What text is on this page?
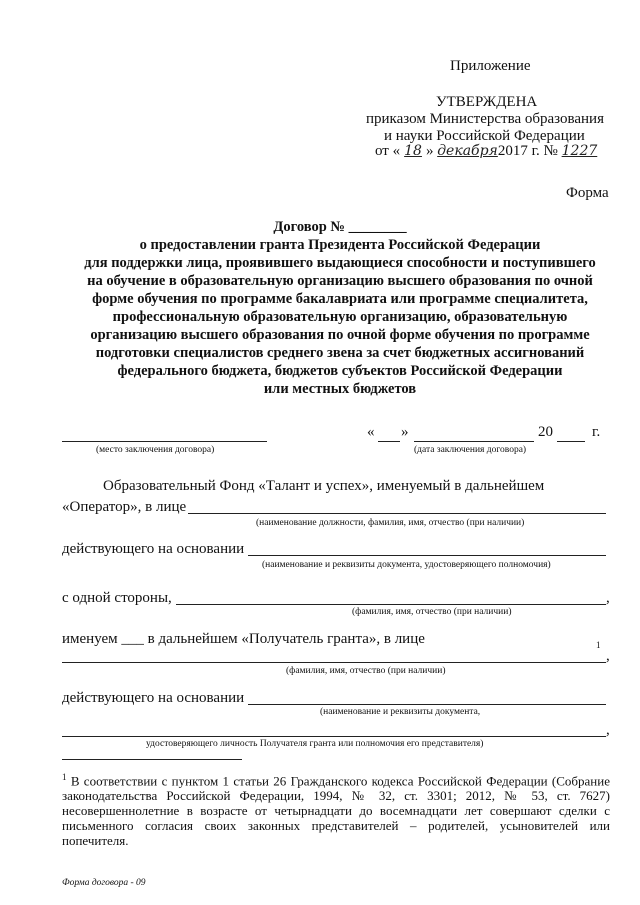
Приложение
УТВЕРЖДЕНА
приказом Министерства образования
и науки Российской Федерации
от « 18 » декабря2017 г. № 1227
Форма
Договор № ________
о предоставлении гранта Президента Российской Федерации
для поддержки лица, проявившего выдающиеся способности и поступившего
на обучение в образовательную организацию высшего образования по очной
форме обучения по программе бакалавриата или программе специалитета,
профессиональную образовательную организацию, образовательную
организацию высшего образования по очной форме обучения по программе
подготовки специалистов среднего звена за счет бюджетных ассигнований
федерального бюджета, бюджетов субъектов Российской Федерации
или местных бюджетов
(место заключения договора)
« »	20	г.
(дата заключения договора)
Образовательный Фонд «Талант и успех», именуемый в дальнейшем
«Оператор», в лице
(наименование должности, фамилия, имя, отчество (при наличии)
действующего на основании
(наименование и реквизиты документа, удостоверяющего полномочия)
с одной стороны,	,
(фамилия, имя, отчество (при наличии)
именуем ___ в дальнейшем «Получатель гранта», в лице	1
,
(фамилия, имя, отчество (при наличии)
действующего на основании
(наименование и реквизиты документа,
,
удостоверяющего личность Получателя гранта или полномочия его представителя)
$^1$ В соответствии с пунктом 1 статьи 26 Гражданского кодекса Российской Федерации (Собрание законодательства Российской Федерации, 1994, № 32, ст. 3301; 2012, № 53, ст. 7627) несовершеннолетние в возрасте от четырнадцати до восемнадцати лет совершают сделки с письменного согласия своих законных представителей – родителей, усыновителей или попечителя.
Форма договора - 09
